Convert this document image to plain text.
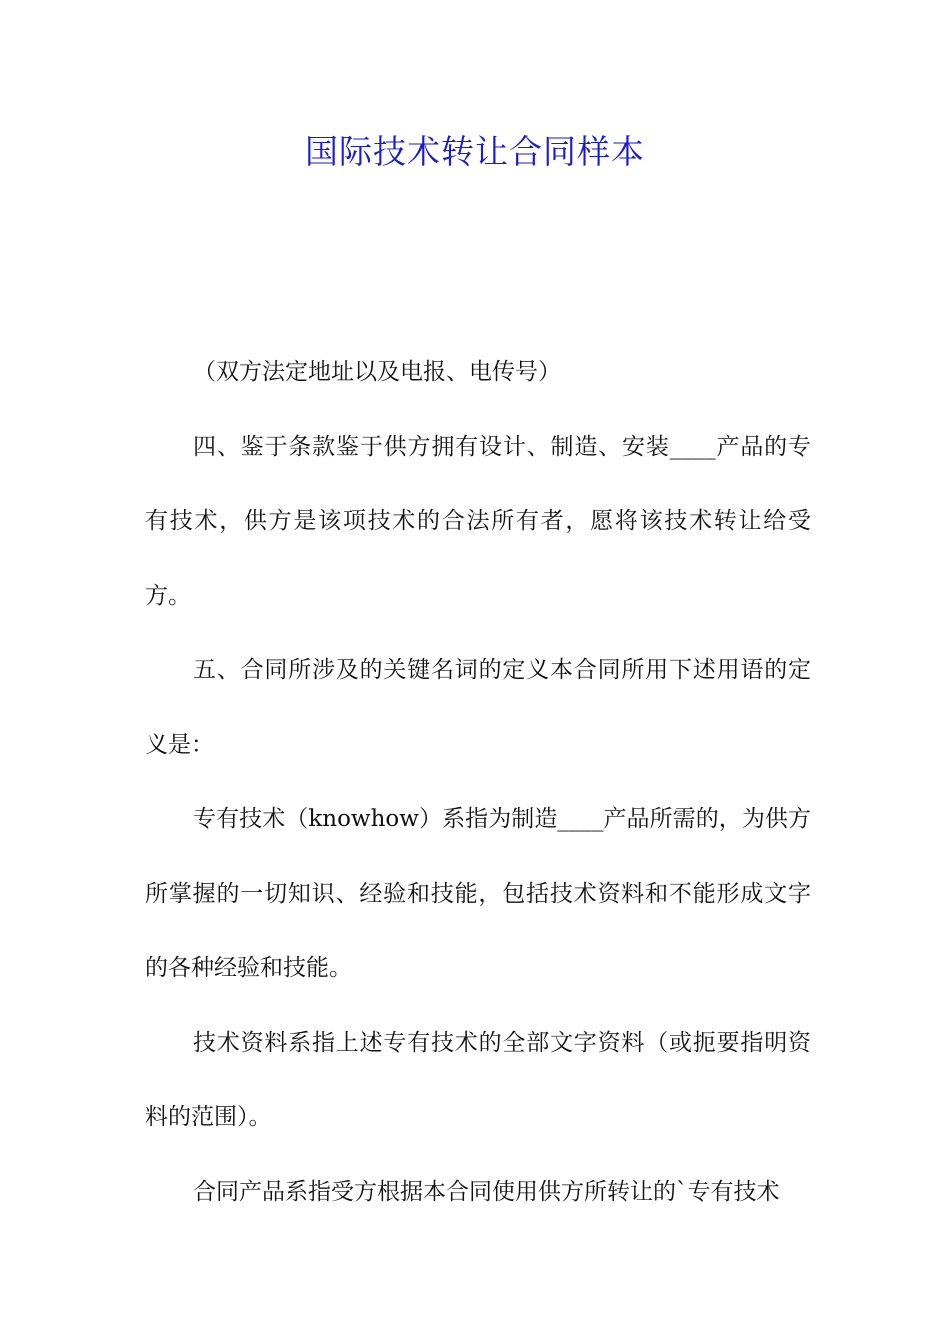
国际技术转让合同样本

（双方法定地址以及电报、电传号）

四、鉴于条款鉴于供方拥有设计、制造、安装____产品的专有技术，供方是该项技术的合法所有者，愿将该技术转让给受方。

五、合同所涉及的关键名词的定义本合同所用下述用语的定义是：

专有技术（knowhow）系指为制造____产品所需的，为供方所掌握的一切知识、经验和技能，包括技术资料和不能形成文字的各种经验和技能。

技术资料系指上述专有技术的全部文字资料（或扼要指明资料的范围）。

合同产品系指受方根据本合同使用供方所转让的`专有技术
